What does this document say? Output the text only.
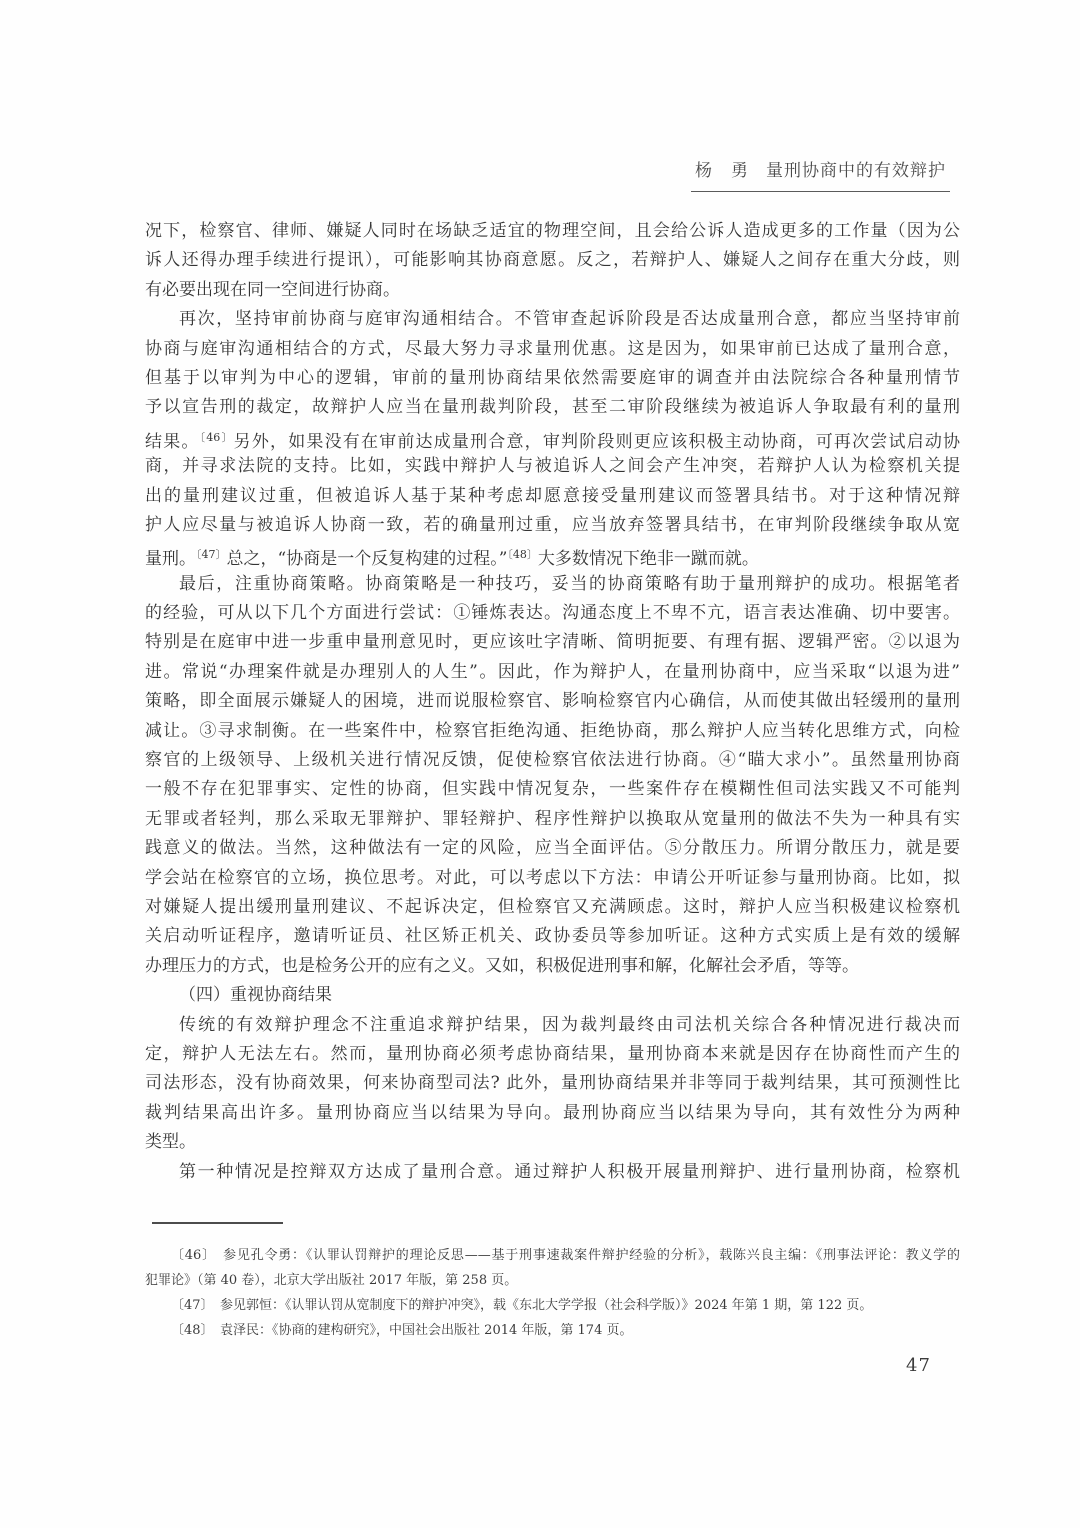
杨　勇 量刑协商中的有效辩护
况下，检察官、律师、嫌疑人同时在场缺乏适宜的物理空间，且会给公诉人造成更多的工作量（因为公
诉人还得办理手续进行提讯），可能影响其协商意愿。反之，若辩护人、嫌疑人之间存在重大分歧，则
有必要出现在同一空间进行协商。
再次，坚持审前协商与庭审沟通相结合。不管审查起诉阶段是否达成量刑合意，都应当坚持审前
协商与庭审沟通相结合的方式，尽最大努力寻求量刑优惠。这是因为，如果审前已达成了量刑合意，
但基于以审判为中心的逻辑，审前的量刑协商结果依然需要庭审的调查并由法院综合各种量刑情节
予以宣告刑的裁定，故辩护人应当在量刑裁判阶段，甚至二审阶段继续为被追诉人争取最有利的量刑
结果。$^{〔46〕}$另外，如果没有在审前达成量刑合意，审判阶段则更应该积极主动协商，可再次尝试启动协
商，并寻求法院的支持。比如，实践中辩护人与被追诉人之间会产生冲突，若辩护人认为检察机关提
出的量刑建议过重，但被追诉人基于某种考虑却愿意接受量刑建议而签署具结书。对于这种情况辩
护人应尽量与被追诉人协商一致，若的确量刑过重，应当放弃签署具结书，在审判阶段继续争取从宽
量刑。$^{〔47〕}$总之，“协商是一个反复构建的过程。”$^{〔48〕}$大多数情况下绝非一蹴而就。
最后，注重协商策略。协商策略是一种技巧，妥当的协商策略有助于量刑辩护的成功。根据笔者
的经验，可从以下几个方面进行尝试：①锤炼表达。沟通态度上不卑不亢，语言表达准确、切中要害。
特别是在庭审中进一步重申量刑意见时，更应该吐字清晰、简明扼要、有理有据、逻辑严密。②以退为
进。常说“办理案件就是办理别人的人生”。因此，作为辩护人，在量刑协商中，应当采取“以退为进”
策略，即全面展示嫌疑人的困境，进而说服检察官、影响检察官内心确信，从而使其做出轻缓刑的量刑
减让。③寻求制衡。在一些案件中，检察官拒绝沟通、拒绝协商，那么辩护人应当转化思维方式，向检
察官的上级领导、上级机关进行情况反馈，促使检察官依法进行协商。④“瞄大求小”。虽然量刑协商
一般不存在犯罪事实、定性的协商，但实践中情况复杂，一些案件存在模糊性但司法实践又不可能判
无罪或者轻判，那么采取无罪辩护、罪轻辩护、程序性辩护以换取从宽量刑的做法不失为一种具有实
践意义的做法。当然，这种做法有一定的风险，应当全面评估。⑤分散压力。所谓分散压力，就是要
学会站在检察官的立场，换位思考。对此，可以考虑以下方法：申请公开听证参与量刑协商。比如，拟
对嫌疑人提出缓刑量刑建议、不起诉决定，但检察官又充满顾虑。这时，辩护人应当积极建议检察机
关启动听证程序，邀请听证员、社区矫正机关、政协委员等参加听证。这种方式实质上是有效的缓解
办理压力的方式，也是检务公开的应有之义。又如，积极促进刑事和解，化解社会矛盾，等等。
（四）重视协商结果
传统的有效辩护理念不注重追求辩护结果，因为裁判最终由司法机关综合各种情况进行裁决而
定，辩护人无法左右。然而，量刑协商必须考虑协商结果，量刑协商本来就是因存在协商性而产生的
司法形态，没有协商效果，何来协商型司法? 此外，量刑协商结果并非等同于裁判结果，其可预测性比
裁判结果高出许多。量刑协商应当以结果为导向。最刑协商应当以结果为导向，其有效性分为两种
类型。
第一种情况是控辩双方达成了量刑合意。通过辩护人积极开展量刑辩护、进行量刑协商，检察机
〔46〕　参见孔令勇：《认罪认罚辩护的理论反思——基于刑事速裁案件辩护经验的分析》，载陈兴良主编：《刑事法评论：教义学的
犯罪论》（第 40 卷），北京大学出版社 2017 年版，第 258 页。
〔47〕　参见郭恒：《认罪认罚从宽制度下的辩护冲突》，载《东北大学学报（社会科学版）》2024 年第 1 期，第 122 页。
〔48〕　袁泽民：《协商的建构研究》，中国社会出版社 2014 年版，第 174 页。
47
